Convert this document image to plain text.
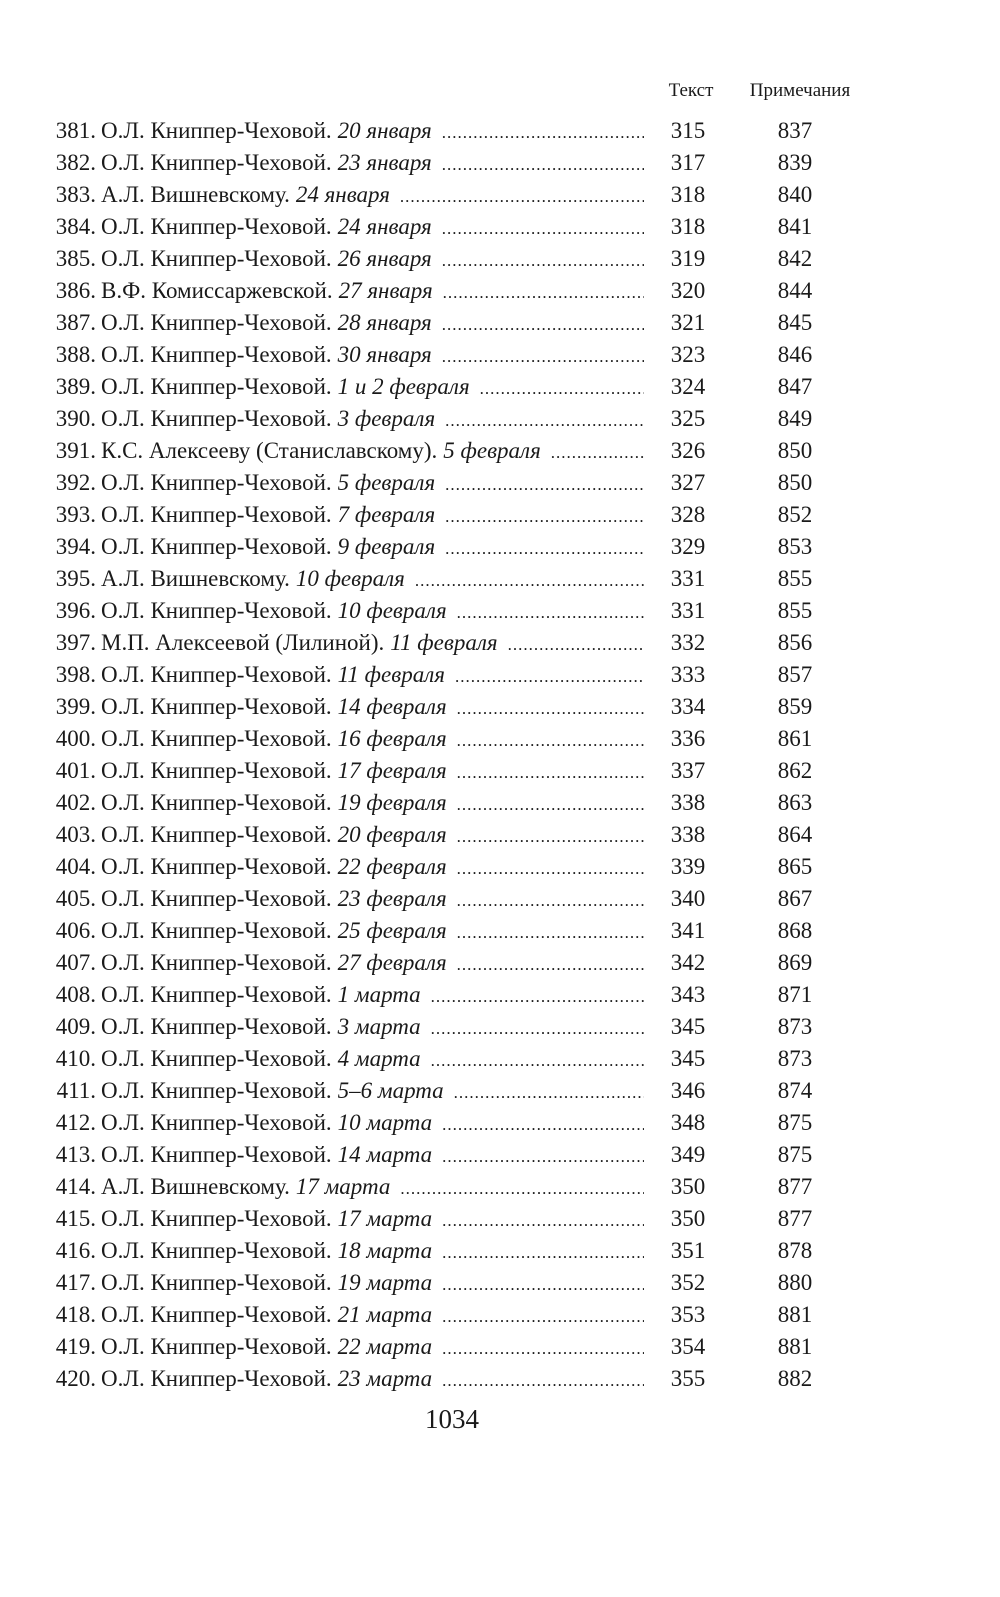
Текст	Примечания
381. О.Л. Книппер-Чеховой. 20 января .....	315	837
382. О.Л. Книппер-Чеховой. 23 января .....	317	839
383. А.Л. Вишневскому. 24 января .....	318	840
384. О.Л. Книппер-Чеховой. 24 января .....	318	841
385. О.Л. Книппер-Чеховой. 26 января .....	319	842
386. В.Ф. Комиссаржевской. 27 января .....	320	844
387. О.Л. Книппер-Чеховой. 28 января .....	321	845
388. О.Л. Книппер-Чеховой. 30 января .....	323	846
389. О.Л. Книппер-Чеховой. 1 и 2 февраля .....	324	847
390. О.Л. Книппер-Чеховой. 3 февраля .....	325	849
391. К.С. Алексееву (Станиславскому). 5 февраля .....	326	850
392. О.Л. Книппер-Чеховой. 5 февраля .....	327	850
393. О.Л. Книппер-Чеховой. 7 февраля .....	328	852
394. О.Л. Книппер-Чеховой. 9 февраля .....	329	853
395. А.Л. Вишневскому. 10 февраля .....	331	855
396. О.Л. Книппер-Чеховой. 10 февраля .....	331	855
397. М.П. Алексеевой (Лилиной). 11 февраля .....	332	856
398. О.Л. Книппер-Чеховой. 11 февраля .....	333	857
399. О.Л. Книппер-Чеховой. 14 февраля .....	334	859
400. О.Л. Книппер-Чеховой. 16 февраля .....	336	861
401. О.Л. Книппер-Чеховой. 17 февраля .....	337	862
402. О.Л. Книппер-Чеховой. 19 февраля .....	338	863
403. О.Л. Книппер-Чеховой. 20 февраля .....	338	864
404. О.Л. Книппер-Чеховой. 22 февраля .....	339	865
405. О.Л. Книппер-Чеховой. 23 февраля .....	340	867
406. О.Л. Книппер-Чеховой. 25 февраля .....	341	868
407. О.Л. Книппер-Чеховой. 27 февраля .....	342	869
408. О.Л. Книппер-Чеховой. 1 марта .....	343	871
409. О.Л. Книппер-Чеховой. 3 марта .....	345	873
410. О.Л. Книппер-Чеховой. 4 марта .....	345	873
411. О.Л. Книппер-Чеховой. 5–6 марта .....	346	874
412. О.Л. Книппер-Чеховой. 10 марта .....	348	875
413. О.Л. Книппер-Чеховой. 14 марта .....	349	875
414. А.Л. Вишневскому. 17 марта .....	350	877
415. О.Л. Книппер-Чеховой. 17 марта .....	350	877
416. О.Л. Книппер-Чеховой. 18 марта .....	351	878
417. О.Л. Книппер-Чеховой. 19 марта .....	352	880
418. О.Л. Книппер-Чеховой. 21 марта .....	353	881
419. О.Л. Книппер-Чеховой. 22 марта .....	354	881
420. О.Л. Книппер-Чеховой. 23 марта .....	355	882
1034
